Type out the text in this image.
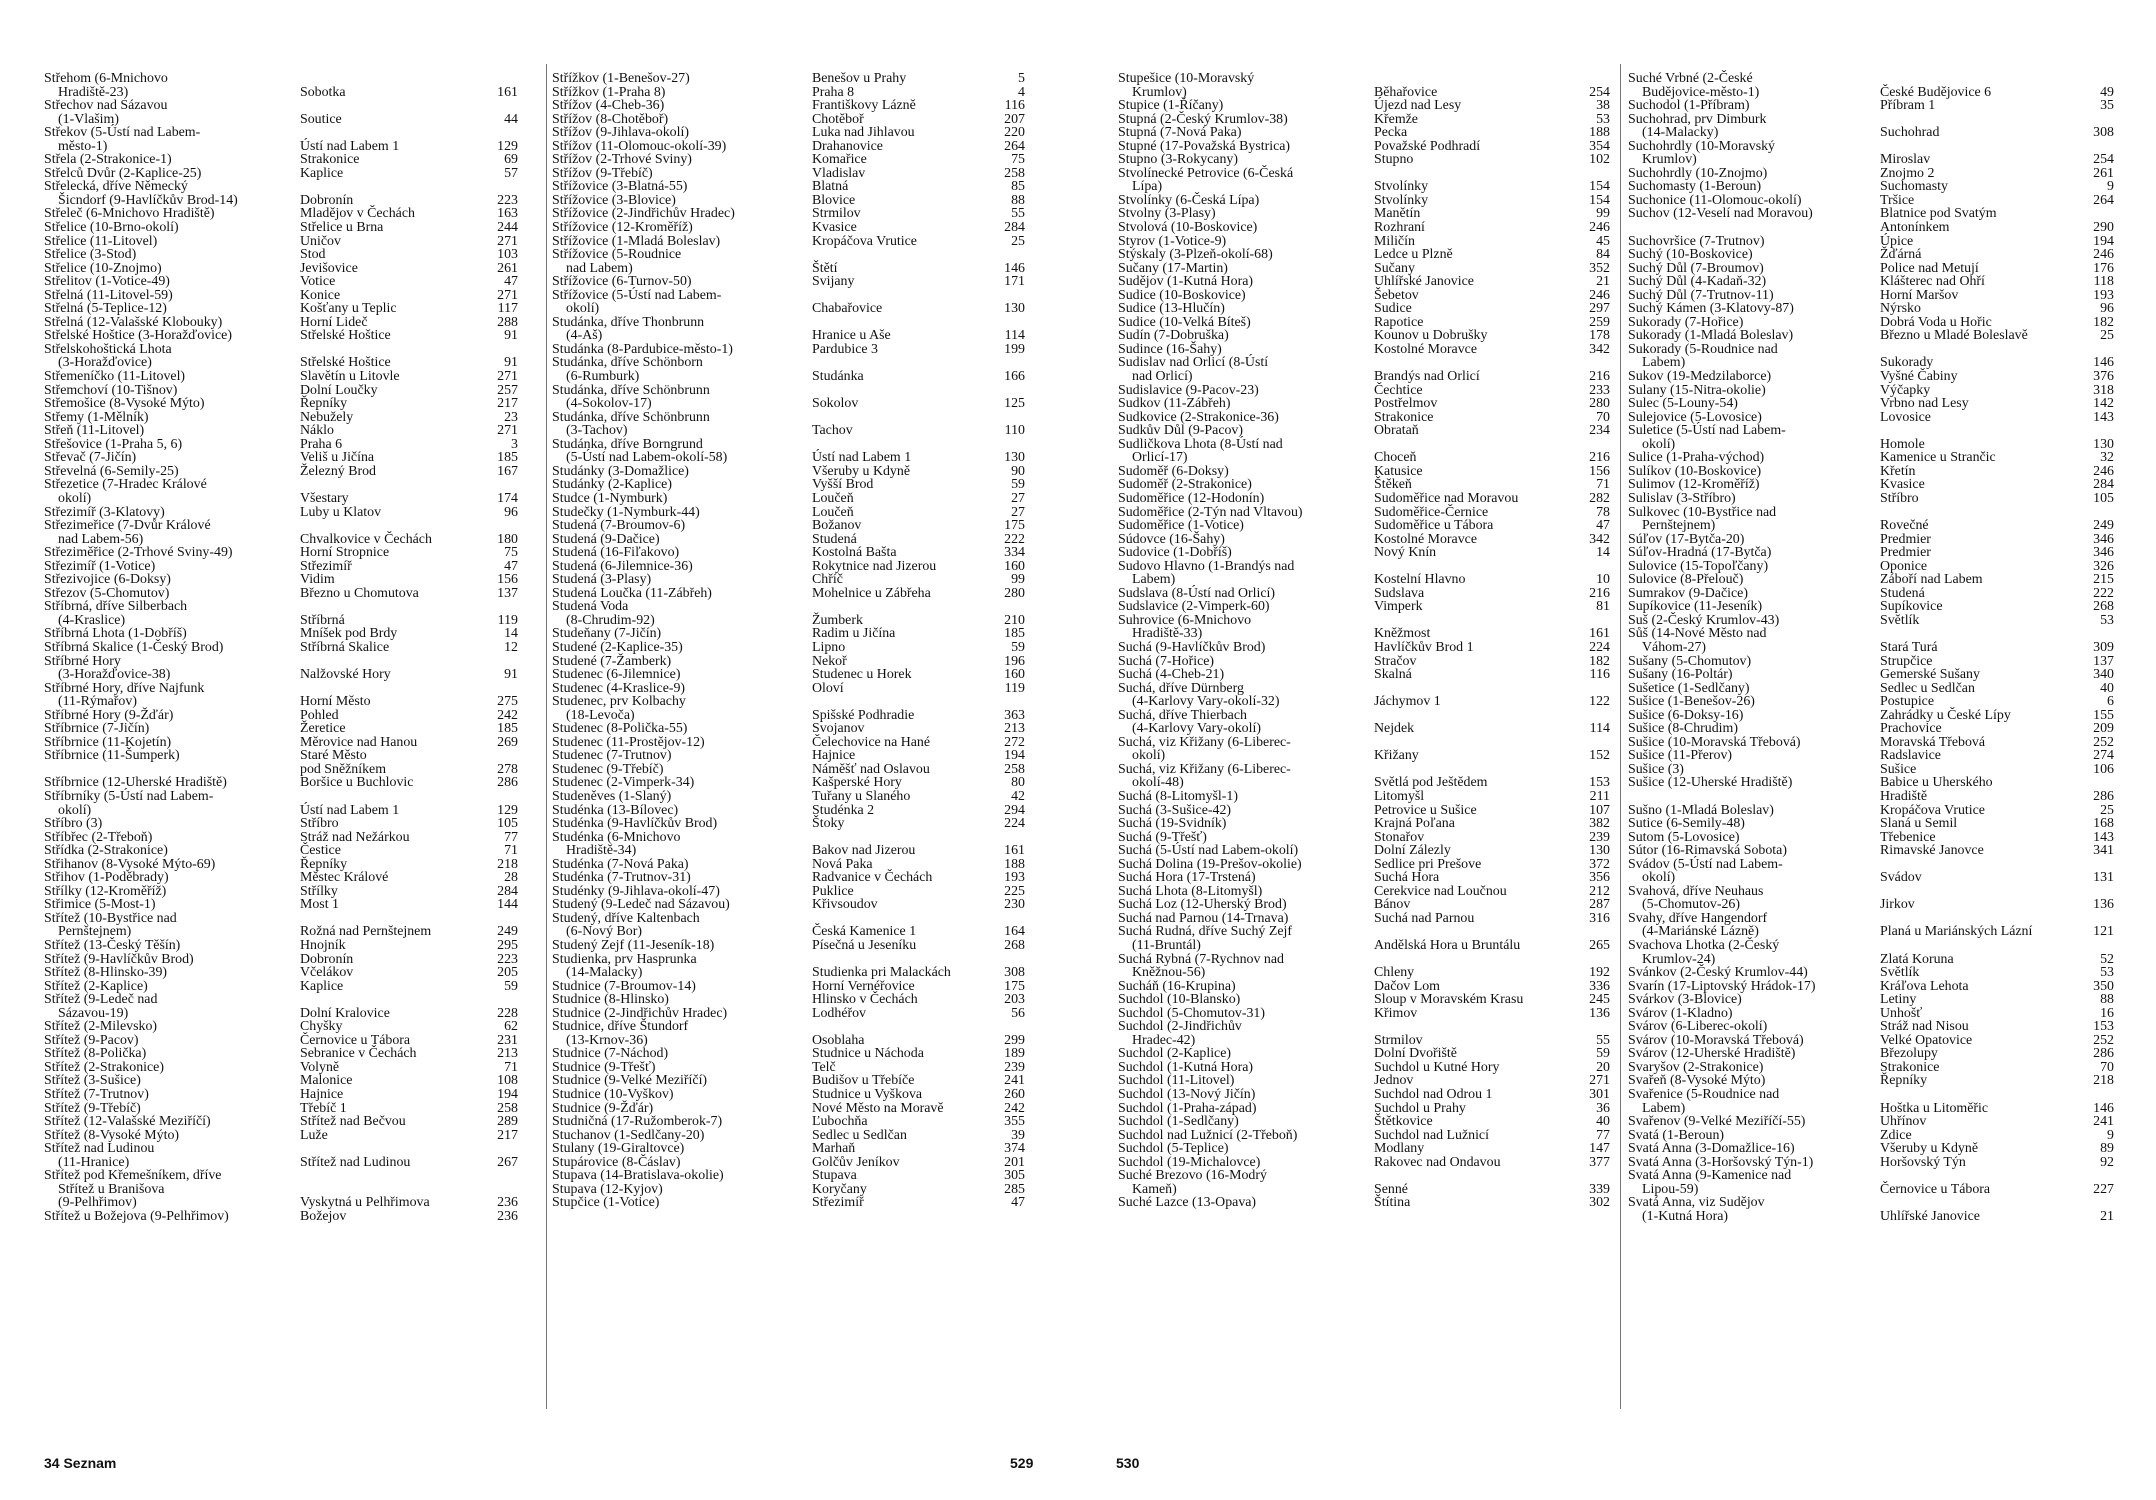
Střehom (6-Mnichovo
Hradiště-23)	Sobotka	161
Střechov nad Sázavou
(1-Vlašim)	Soutice	44
Střekov (5-Ústí nad Labem-
město-1)	Ústí nad Labem 1	129
Střela (2-Strakonice-1)	Strakonice	69
Střelců Dvůr (2-Kaplice-25)	Kaplice	57
Střelecká, dříve Německý
Šicndorf (9-Havlíčkův Brod-14)	Dobronín	223
Střeleč (6-Mnichovo Hradiště)	Mladějov v Čechách	163
Střelice (10-Brno-okolí)	Střelice u Brna	244
Střelice (11-Litovel)	Uničov	271
Střelice (3-Stod)	Stod	103
Střelice (10-Znojmo)	Jevišovice	261
Střelitov (1-Votice-49)	Votice	47
Střelná (11-Litovel-59)	Konice	271
Střelná (5-Teplice-12)	Košťany u Teplic	117
Střelná (12-Valašské Klobouky)	Horní Lideč	288
Střelské Hoštice (3-Horažďovice)	Střelské Hoštice	91
Střelskohoštická Lhota
(3-Horažďovice)	Střelské Hoštice	91
Střemeníčko (11-Litovel)	Slavětín u Litovle	271
Střemchoví (10-Tišnov)	Dolní Loučky	257
Střemošice (8-Vysoké Mýto)	Řepníky	217
Střemy (1-Mělník)	Nebužely	23
Střeň (11-Litovel)	Náklo	271
Střešovice (1-Praha 5, 6)	Praha 6	3
Střevač (7-Jičín)	Veliš u Jičína	185
Střevelná (6-Semily-25)	Železný Brod	167
Střezetice (7-Hradec Králové
okolí)	Všestary	174
Střezimíř (3-Klatovy)	Luby u Klatov	96
Střezimeřice (7-Dvůr Králové
nad Labem-56)	Chvalkovice v Čechách	180
Střeziměřice (2-Trhové Sviny-49)	Horní Stropnice	75
Střezimíř (1-Votice)	Střezimíř	47
Střezivojice (6-Doksy)	Vidim	156
Střezov (5-Chomutov)	Březno u Chomutova	137
Stříbrná, dříve Silberbach
(4-Kraslice)	Stříbrná	119
Stříbrná Lhota (1-Dobříš)	Mníšek pod Brdy	14
Stříbrná Skalice (1-Český Brod)	Stříbrná Skalice	12
Stříbrné Hory
(3-Horažďovice-38)	Nalžovské Hory	91
Stříbrné Hory, dříve Najfunk
(11-Rýmařov)	Horní Město	275
Stříbrné Hory (9-Žďár)	Pohled	242
Stříbrnice (7-Jičín)	Žeretice	185
Stříbrnice (11-Kojetín)	Měrovice nad Hanou	269
Stříbrnice (11-Šumperk)	Staré Město
pod Sněžníkem	278
Stříbrnice (12-Uherské Hradiště)	Boršice u Buchlovic	286
Stříbrníky (5-Ústí nad Labem-
okolí)	Ústí nad Labem 1	129
Stříbro (3)	Stříbro	105
Stříbřec (2-Třeboň)	Stráž nad Nežárkou	77
Střídka (2-Strakonice)	Čestice	71
Střihanov (8-Vysoké Mýto-69)	Řepníky	218
Střihov (1-Poděbrady)	Městec Králové	28
Střílky (12-Kroměříž)	Střílky	284
Střimice (5-Most-1)	Most 1	144
Střítež (10-Bystřice nad
Pernštejnem)	Rožná nad Pernštejnem	249
Střítež (13-Český Těšín)	Hnojník	295
Střítež (9-Havlíčkův Brod)	Dobronín	223
Střítež (8-Hlinsko-39)	Včelákov	205
Střítež (2-Kaplice)	Kaplice	59
Střítež (9-Ledeč nad
Sázavou-19)	Dolní Kralovice	228
Střítež (2-Milevsko)	Chyšky	62
Střítež (9-Pacov)	Černovice u Tábora	231
Střítež (8-Polička)	Sebranice v Čechách	213
Střítež (2-Strakonice)	Volyně	71
Střítež (3-Sušice)	Malonice	108
Střítež (7-Trutnov)	Hajnice	194
Střítež (9-Třebíč)	Třebíč 1	258
Střítež (12-Valašské Meziříčí)	Střítež nad Bečvou	289
Střítež (8-Vysoké Mýto)	Luže	217
Střítež nad Ludinou
(11-Hranice)	Střítež nad Ludinou	267
Střítež pod Křemešníkem, dříve
Střítež u Branišova
(9-Pelhřimov)	Vyskytná u Pelhřimova	236
Střítež u Božejova (9-Pelhřimov)	Božejov	236
Střížkov (1-Benešov-27)	Benešov u Prahy	5
Střížkov (1-Praha 8)	Praha 8	4
Střížov (4-Cheb-36)	Františkovy Lázně	116
Střížov (8-Chotěboř)	Chotěboř	207
Střížov (9-Jihlava-okolí)	Luka nad Jihlavou	220
Střížov (11-Olomouc-okolí-39)	Drahanovice	264
Střížov (2-Trhové Sviny)	Komařice	75
Střížov (9-Třebíč)	Vladislav	258
Střížovice (3-Blatná-55)	Blatná	85
Střížovice (3-Blovice)	Blovice	88
Střížovice (2-Jindřichův Hradec)	Strmilov	55
Střížovice (12-Kroměříž)	Kvasice	284
Střížovice (1-Mladá Boleslav)	Kropáčova Vrutice	25
Střížovice (5-Roudnice
nad Labem)	Štětí	146
Střížovice (6-Turnov-50)	Svijany	171
Střížovice (5-Ústí nad Labem-
okolí)	Chabařovice	130
Studánka, dříve Thonbrunn
(4-Aš)	Hranice u Aše	114
Studánka (8-Pardubice-město-1)	Pardubice 3	199
Studánka, dříve Schönborn
(6-Rumburk)	Studánka	166
Studánka, dříve Schönbrunn
(4-Sokolov-17)	Sokolov	125
Studánka, dříve Schönbrunn
(3-Tachov)	Tachov	110
Studánka, dříve Borngrund
(5-Ústí nad Labem-okolí-58)	Ústí nad Labem 1	130
Studánky (3-Domažlice)	Všeruby u Kdyně	90
Studánky (2-Kaplice)	Vyšší Brod	59
Studce (1-Nymburk)	Loučeň	27
Studečky (1-Nymburk-44)	Loučeň	27
Studená (7-Broumov-6)	Božanov	175
Studená (9-Dačice)	Studená	222
Studená (16-Fiľakovo)	Kostolná Bašta	334
Studená (6-Jilemnice-36)	Rokytnice nad Jizerou	160
Studená (3-Plasy)	Chříč	99
Studená Loučka (11-Zábřeh)	Mohelnice u Zábřeha	280
Studená Voda
(8-Chrudim-92)	Žumberk	210
Studeňany (7-Jičín)	Radim u Jičína	185
Studené (2-Kaplice-35)	Lipno	59
Studené (7-Žamberk)	Nekoř	196
Studenec (6-Jilemnice)	Studenec u Horek	160
Studenec (4-Kraslice-9)	Oloví	119
Studenec, prv Kolbachy
(18-Levoča)	Spišské Podhradie	363
Studenec (8-Polička-55)	Svojanov	213
Studenec (11-Prostějov-12)	Čelechovice na Hané	272
Studenec (7-Trutnov)	Hajnice	194
Studenec (9-Třebíč)	Náměšť nad Oslavou	258
Studenec (2-Vimperk-34)	Kašperské Hory	80
Studeněves (1-Slaný)	Tuřany u Slaného	42
Studénka (13-Bílovec)	Studénka 2	294
Studénka (9-Havlíčkův Brod)	Štoky	224
Studénka (6-Mnichovo
Hradiště-34)	Bakov nad Jizerou	161
Studénka (7-Nová Paka)	Nová Paka	188
Studénka (7-Trutnov-31)	Radvanice v Čechách	193
Studénky (9-Jihlava-okolí-47)	Puklice	225
Studený (9-Ledeč nad Sázavou)	Křivsoudov	230
Studený, dříve Kaltenbach
(6-Nový Bor)	Česká Kamenice 1	164
Studený Zejf (11-Jeseník-18)	Písečná u Jeseníku	268
Studienka, prv Hasprunka
(14-Malacky)	Studienka pri Malackách	308
Studnice (7-Broumov-14)	Horní Vernéřovice	175
Studnice (8-Hlinsko)	Hlinsko v Čechách	203
Studnice (2-Jindřichův Hradec)	Lodhéřov	56
Studnice, dříve Štundorf
(13-Krnov-36)	Osoblaha	299
Studnice (7-Náchod)	Studnice u Náchoda	189
Studnice (9-Třešť)	Telč	239
Studnice (9-Velké Meziříčí)	Budišov u Třebíče	241
Studnice (10-Vyškov)	Studnice u Vyškova	260
Studnice (9-Žďár)	Nové Město na Moravě	242
Studničná (17-Ružomberok-7)	Ľubochňa	355
Stuchanov (1-Sedlčany-20)	Sedlec u Sedlčan	39
Stulany (19-Giraltovce)	Marhaň	374
Stupárovice (8-Čáslav)	Golčův Jeníkov	201
Stupava (14-Bratislava-okolie)	Stupava	305
Stupava (12-Kyjov)	Koryčany	285
Stupčice (1-Votice)	Střezimíř	47
34 Seznam	529
Stupešice (10-Moravský
Krumlov)	Běhařovice	254
Stupice (1-Říčany)	Újezd nad Lesy	38
Stupná (2-Český Krumlov-38)	Křemže	53
Stupná (7-Nová Paka)	Pecka	188
Stupné (17-Považská Bystrica)	Považské Podhradí	354
Stupno (3-Rokycany)	Stupno	102
Stvolínecké Petrovice (6-Česká
Lípa)	Stvolínky	154
Stvolínky (6-Česká Lípa)	Stvolínky	154
Stvolny (3-Plasy)	Manětín	99
Stvolová (10-Boskovice)	Rozhraní	246
Styrov (1-Votice-9)	Miličín	45
Stýskaly (3-Plzeň-okolí-68)	Ledce u Plzně	84
Sučany (17-Martin)	Sučany	352
Sudějov (1-Kutná Hora)	Uhlířské Janovice	21
Sudice (10-Boskovice)	Šebetov	246
Sudice (13-Hlučín)	Sudice	297
Sudice (10-Velká Bíteš)	Rapotice	259
Sudín (7-Dobruška)	Kounov u Dobrušky	178
Sudince (16-Šahy)	Kostolné Moravce	342
Sudislav nad Orlicí (8-Ústí
nad Orlicí)	Brandýs nad Orlicí	216
Sudislavice (9-Pacov-23)	Čechtice	233
Sudkov (11-Zábřeh)	Postřelmov	280
Sudkovice (2-Strakonice-36)	Strakonice	70
Sudkův Důl (9-Pacov)	Obrataň	234
Sudličkova Lhota (8-Ústí nad
Orlicí-17)	Choceň	216
Sudoměř (6-Doksy)	Katusice	156
Sudoměř (2-Strakonice)	Štěkeň	71
Sudoměřice (12-Hodonín)	Sudoměřice nad Moravou	282
Sudoměřice (2-Týn nad Vltavou)	Sudoměřice-Černice	78
Sudoměřice (1-Votice)	Sudoměřice u Tábora	47
Súdovce (16-Šahy)	Kostolné Moravce	342
Sudovice (1-Dobříš)	Nový Knín	14
Sudovo Hlavno (1-Brandýs nad
Labem)	Kostelní Hlavno	10
Sudslava (8-Ústí nad Orlicí)	Sudslava	216
Sudslavice (2-Vimperk-60)	Vimperk	81
Suhrovice (6-Mnichovo
Hradiště-33)	Kněžmost	161
Suchá (9-Havlíčkův Brod)	Havlíčkův Brod 1	224
Suchá (7-Hořice)	Stračov	182
Suchá (4-Cheb-21)	Skalná	116
Suchá, dříve Dürnberg
(4-Karlovy Vary-okolí-32)	Jáchymov 1	122
Suchá, dříve Thierbach
(4-Karlovy Vary-okolí)	Nejdek	114
Suchá, viz Křižany (6-Liberec-
okolí)	Křižany	152
Suchá, viz Křižany (6-Liberec-
okolí-48)	Světlá pod Ještědem	153
Suchá (8-Litomyšl-1)	Litomyšl	211
Suchá (3-Sušice-42)	Petrovice u Sušice	107
Suchá (19-Svidník)	Krajná Poľana	382
Suchá (9-Třešť)	Stonařov	239
Suchá (5-Ústí nad Labem-okolí)	Dolní Zálezly	130
Suchá Dolina (19-Prešov-okolie)	Sedlice pri Prešove	372
Suchá Hora (17-Trstená)	Suchá Hora	356
Suchá Lhota (8-Litomyšl)	Cerekvice nad Loučnou	212
Suchá Loz (12-Uherský Brod)	Bánov	287
Suchá nad Parnou (14-Trnava)	Suchá nad Parnou	316
Suchá Rudná, dříve Suchý Zejf
(11-Bruntál)	Andělská Hora u Bruntálu	265
Suchá Rybná (7-Rychnov nad
Kněžnou-56)	Chleny	192
Sucháň (16-Krupina)	Dačov Lom	336
Suchdol (10-Blansko)	Sloup v Moravském Krasu	245
Suchdol (5-Chomutov-31)	Křimov	136
Suchdol (2-Jindřichův
Hradec-42)	Strmilov	55
Suchdol (2-Kaplice)	Dolní Dvořiště	59
Suchdol (1-Kutná Hora)	Suchdol u Kutné Hory	20
Suchdol (11-Litovel)	Jednov	271
Suchdol (13-Nový Jičín)	Suchdol nad Odrou 1	301
Suchdol (1-Praha-západ)	Suchdol u Prahy	36
Suchdol (1-Sedlčany)	Štětkovice	40
Suchdol nad Lužnicí (2-Třeboň)	Suchdol nad Lužnicí	77
Suchdol (5-Teplice)	Modlany	147
Suchdol (19-Michalovce)	Rakovec nad Ondavou	377
Suché Brezovo (16-Modrý
Kameň)	Senné	339
Suché Lazce (13-Opava)	Štítina	302
Suché Vrbné (2-České
Budějovice-město-1)	České Budějovice 6	49
Suchodol (1-Příbram)	Příbram 1	35
Suchohrad, prv Dimburk
(14-Malacky)	Suchohrad	308
Suchohrdly (10-Moravský
Krumlov)	Miroslav	254
Suchohrdly (10-Znojmo)	Znojmo 2	261
Suchomasty (1-Beroun)	Suchomasty	9
Suchonice (11-Olomouc-okolí)	Tršice	264
Suchov (12-Veselí nad Moravou)	Blatnice pod Svatým
Antonínkem	290
Suchovršice (7-Trutnov)	Úpice	194
Suchý (10-Boskovice)	Žďárná	246
Suchý Důl (7-Broumov)	Police nad Metují	176
Suchý Důl (4-Kadaň-32)	Klášterec nad Ohří	118
Suchý Důl (7-Trutnov-11)	Horní Maršov	193
Suchý Kámen (3-Klatovy-87)	Nýrsko	96
Sukorady (7-Hořice)	Dobrá Voda u Hořic	182
Sukorady (1-Mladá Boleslav)	Březno u Mladé Boleslavě	25
Sukorady (5-Roudnice nad
Labem)	Sukorady	146
Sukov (19-Medzilaborce)	Vyšné Čabiny	376
Sulany (15-Nitra-okolie)	Výčapky	318
Sulec (5-Louny-54)	Vrbno nad Lesy	142
Sulejovice (5-Lovosice)	Lovosice	143
Suletice (5-Ústí nad Labem-
okolí)	Homole	130
Sulice (1-Praha-východ)	Kamenice u Strančic	32
Sulíkov (10-Boskovice)	Křetín	246
Sulimov (12-Kroměříž)	Kvasice	284
Sulislav (3-Stříbro)	Stříbro	105
Sulkovec (10-Bystřice nad
Pernštejnem)	Rovečné	249
Súľov (17-Bytča-20)	Predmier	346
Súľov-Hradná (17-Bytča)	Predmier	346
Sulovice (15-Topoľčany)	Oponice	326
Sulovice (8-Přelouč)	Záboří nad Labem	215
Sumrakov (9-Dačice)	Studená	222
Supíkovice (11-Jeseník)	Supíkovice	268
Suš (2-Český Krumlov-43)	Světlík	53
Sůš (14-Nové Město nad
Váhom-27)	Stará Turá	309
Sušany (5-Chomutov)	Strupčice	137
Sušany (16-Poltár)	Gemerské Sušany	340
Sušetice (1-Sedlčany)	Sedlec u Sedlčan	40
Sušice (1-Benešov-26)	Postupice	6
Sušice (6-Doksy-16)	Zahrádky u České Lípy	155
Sušice (8-Chrudim)	Prachovice	209
Sušice (10-Moravská Třebová)	Moravská Třebová	252
Sušice (11-Přerov)	Radslavice	274
Sušice (3)	Sušice	106
Sušice (12-Uherské Hradiště)	Babice u Uherského
Hradiště	286
Sušno (1-Mladá Boleslav)	Kropáčova Vrutice	25
Sutice (6-Semily-48)	Slaná u Semil	168
Sutom (5-Lovosice)	Třebenice	143
Sútor (16-Rimavská Sobota)	Rimavské Janovce	341
Svádov (5-Ústí nad Labem-
okolí)	Svádov	131
Svahová, dříve Neuhaus
(5-Chomutov-26)	Jirkov	136
Svahy, dříve Hangendorf
(4-Mariánské Lázně)	Planá u Mariánských Lázní	121
Svachova Lhotka (2-Český
Krumlov-24)	Zlatá Koruna	52
Svánkov (2-Český Krumlov-44)	Světlík	53
Svarín (17-Liptovský Hrádok-17)	Kráľova Lehota	350
Svárkov (3-Blovice)	Letiny	88
Svárov (1-Kladno)	Unhošť	16
Svárov (6-Liberec-okolí)	Stráž nad Nisou	153
Svárov (10-Moravská Třebová)	Velké Opatovice	252
Svárov (12-Uherské Hradiště)	Březolupy	286
Svaryšov (2-Strakonice)	Strakonice	70
Svařeň (8-Vysoké Mýto)	Řepníky	218
Svařenice (5-Roudnice nad
Labem)	Hoštka u Litoměřic	146
Svařenov (9-Velké Meziříčí-55)	Uhřínov	241
Svatá (1-Beroun)	Zdice	9
Svatá Anna (3-Domažlice-16)	Všeruby u Kdyně	89
Svatá Anna (3-Horšovský Týn-1)	Horšovský Týn	92
Svatá Anna (9-Kamenice nad
Lipou-59)	Černovice u Tábora	227
Svatá Anna, viz Sudějov
(1-Kutná Hora)	Uhlířské Janovice	21
530
